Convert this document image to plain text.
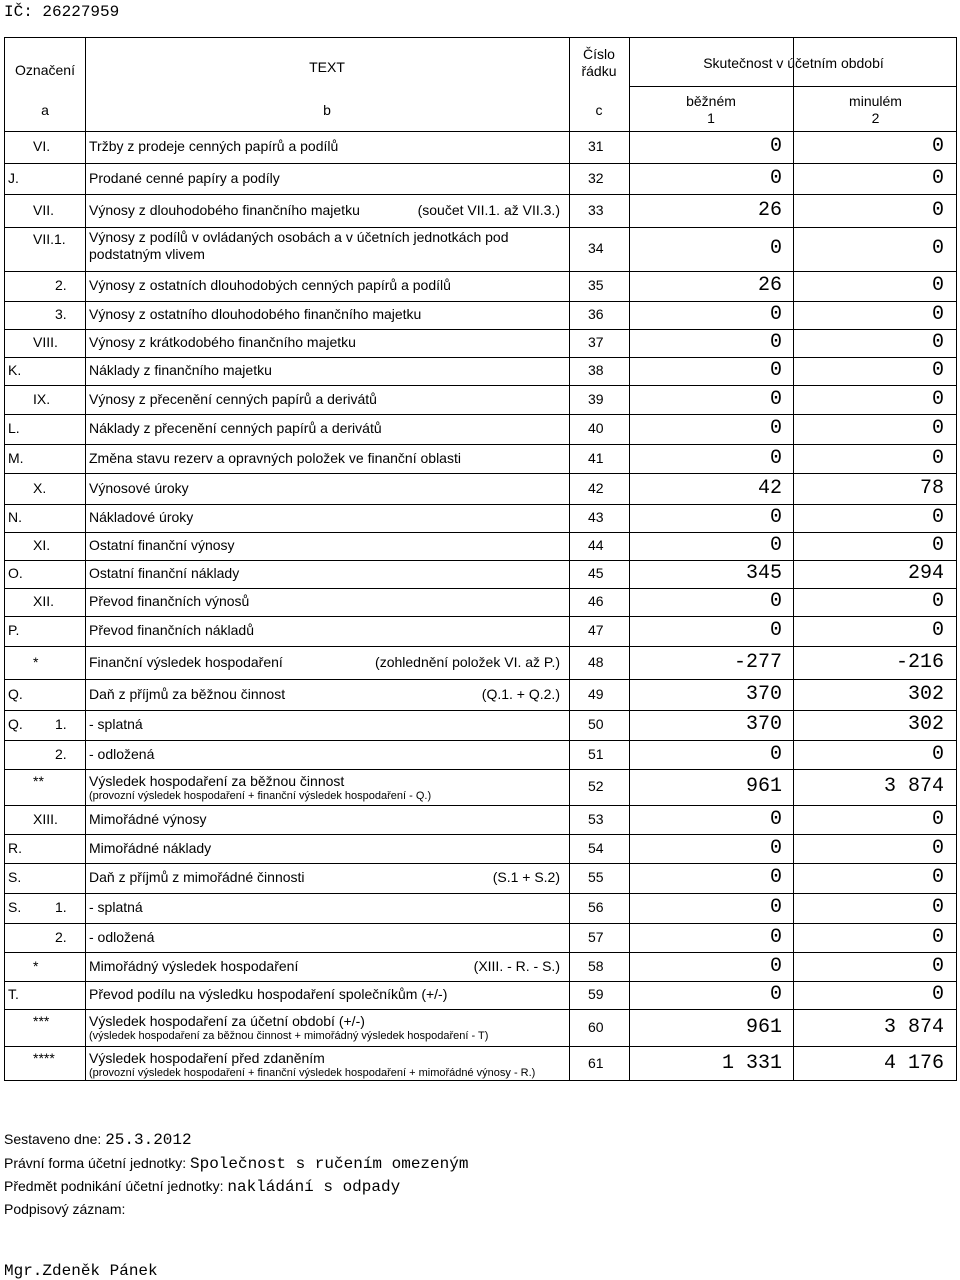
IČ: 26227959
Označení	TEXT
Číslo
řádku	Skutečnost v účetním období
a	b	c
běžném
1
minulém
2
VI.	Tržby z prodeje cenných papírů a podílů	31	0	0
J.	Prodané cenné papíry a podíly	32	0	0
VII. Výnosy z dlouhodobého finančního majetku	(součet VII.1. až VII.3.) 33	26	0
VII.1. Výnosy z podílů v ovládaných osobách a v účetních jednotkách pod
podstatným vlivem	34	0	0
2. Výnosy z ostatních dlouhodobých cenných papírů a podílů	35	26	0
3. Výnosy z ostatního dlouhodobého finančního majetku	36	0	0
VIII. Výnosy z krátkodobého finančního majetku	37	0	0
K.	Náklady z finančního majetku	38	0	0
IX.	Výnosy z přecenění cenných papírů a derivátů	39	0	0
L.	Náklady z přecenění cenných papírů a derivátů	40	0	0
M.	Změna stavu rezerv a opravných položek ve finanční oblasti	41	0	0
X.	Výnosové úroky	42	42	78
N.	Nákladové úroky	43	0	0
XI.	Ostatní finanční výnosy	44	0	0
O.	Ostatní finanční náklady	45	345	294
XII. Převod finančních výnosů	46	0	0
P.	Převod finančních nákladů	47	0	0
*	Finanční výsledek hospodaření	(zohlednění položek VI. až P.) 48	-277	-216
Q.	Daň z příjmů za běžnou činnost	(Q.1. + Q.2.) 49	370	302
Q. 1. - splatná	50	370	302
2. - odložená	51	0	0
**	Výsledek hospodaření za běžnou činnost
(provozní výsledek hospodaření + finanční výsledek hospodaření - Q.)
52	961	3 874
XIII. Mimořádné výnosy	53	0	0
R.	Mimořádné náklady	54	0	0
S.	Daň z příjmů z mimořádné činnosti	(S.1 + S.2) 55	0	0
S. 1. - splatná	56	0	0
2. - odložená	57	0	0
*	Mimořádný výsledek hospodaření	(XIII. - R. - S.) 58	0	0
T.	Převod podílu na výsledku hospodaření společníkům (+/-)	59	0	0
***	Výsledek hospodaření za účetní období (+/-)
(výsledek hospodaření za běžnou činnost + mimořádný výsledek hospodaření - T)
60	961	3 874
**** Výsledek hospodaření před zdaněním
(provozní výsledek hospodaření + finanční výsledek hospodaření + mimořádné výnosy - R.)
61	1 331	4 176
Sestaveno dne: 25.3.2012
Právní forma účetní jednotky: Společnost s ručením omezeným
Předmět podnikání účetní jednotky: nakládání s odpady
Podpisový záznam:
Mgr.Zdeněk Pánek
